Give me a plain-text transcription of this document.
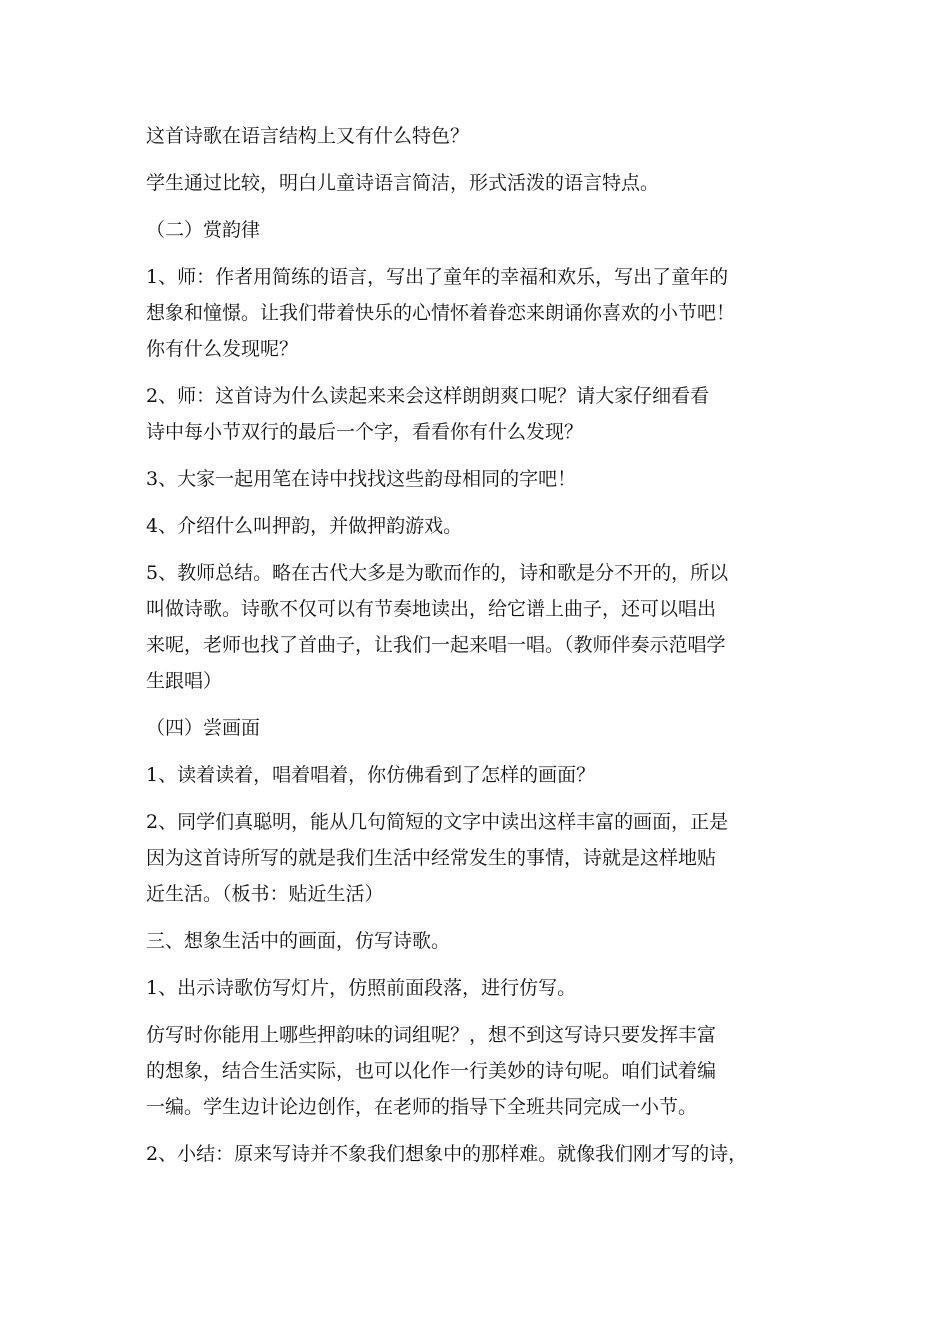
这首诗歌在语言结构上又有什么特色？

学生通过比较，明白儿童诗语言简洁，形式活泼的语言特点。

（二）赏韵律

1、师：作者用简练的语言，写出了童年的幸福和欢乐，写出了童年的
想象和憧憬。让我们带着快乐的心情怀着眷恋来朗诵你喜欢的小节吧！
你有什么发现呢？

2、师：这首诗为什么读起来来会这样朗朗爽口呢？请大家仔细看看
诗中每小节双行的最后一个字，看看你有什么发现？

3、大家一起用笔在诗中找找这些韵母相同的字吧！

4、介绍什么叫押韵，并做押韵游戏。

5、教师总结。略在古代大多是为歌而作的，诗和歌是分不开的，所以
叫做诗歌。诗歌不仅可以有节奏地读出，给它谱上曲子，还可以唱出
来呢，老师也找了首曲子，让我们一起来唱一唱。（教师伴奏示范唱学
生跟唱）

（四）尝画面

1、读着读着，唱着唱着，你仿佛看到了怎样的画面？

2、同学们真聪明，能从几句简短的文字中读出这样丰富的画面，正是
因为这首诗所写的就是我们生活中经常发生的事情，诗就是这样地贴
近生活。（板书：贴近生活）

三、想象生活中的画面，仿写诗歌。

1、出示诗歌仿写灯片，仿照前面段落，进行仿写。

仿写时你能用上哪些押韵味的词组呢？，想不到这写诗只要发挥丰富
的想象，结合生活实际，也可以化作一行美妙的诗句呢。咱们试着编
一编。学生边计论边创作，在老师的指导下全班共同完成一小节。

2、小结：原来写诗并不象我们想象中的那样难。就像我们刚才写的诗，
